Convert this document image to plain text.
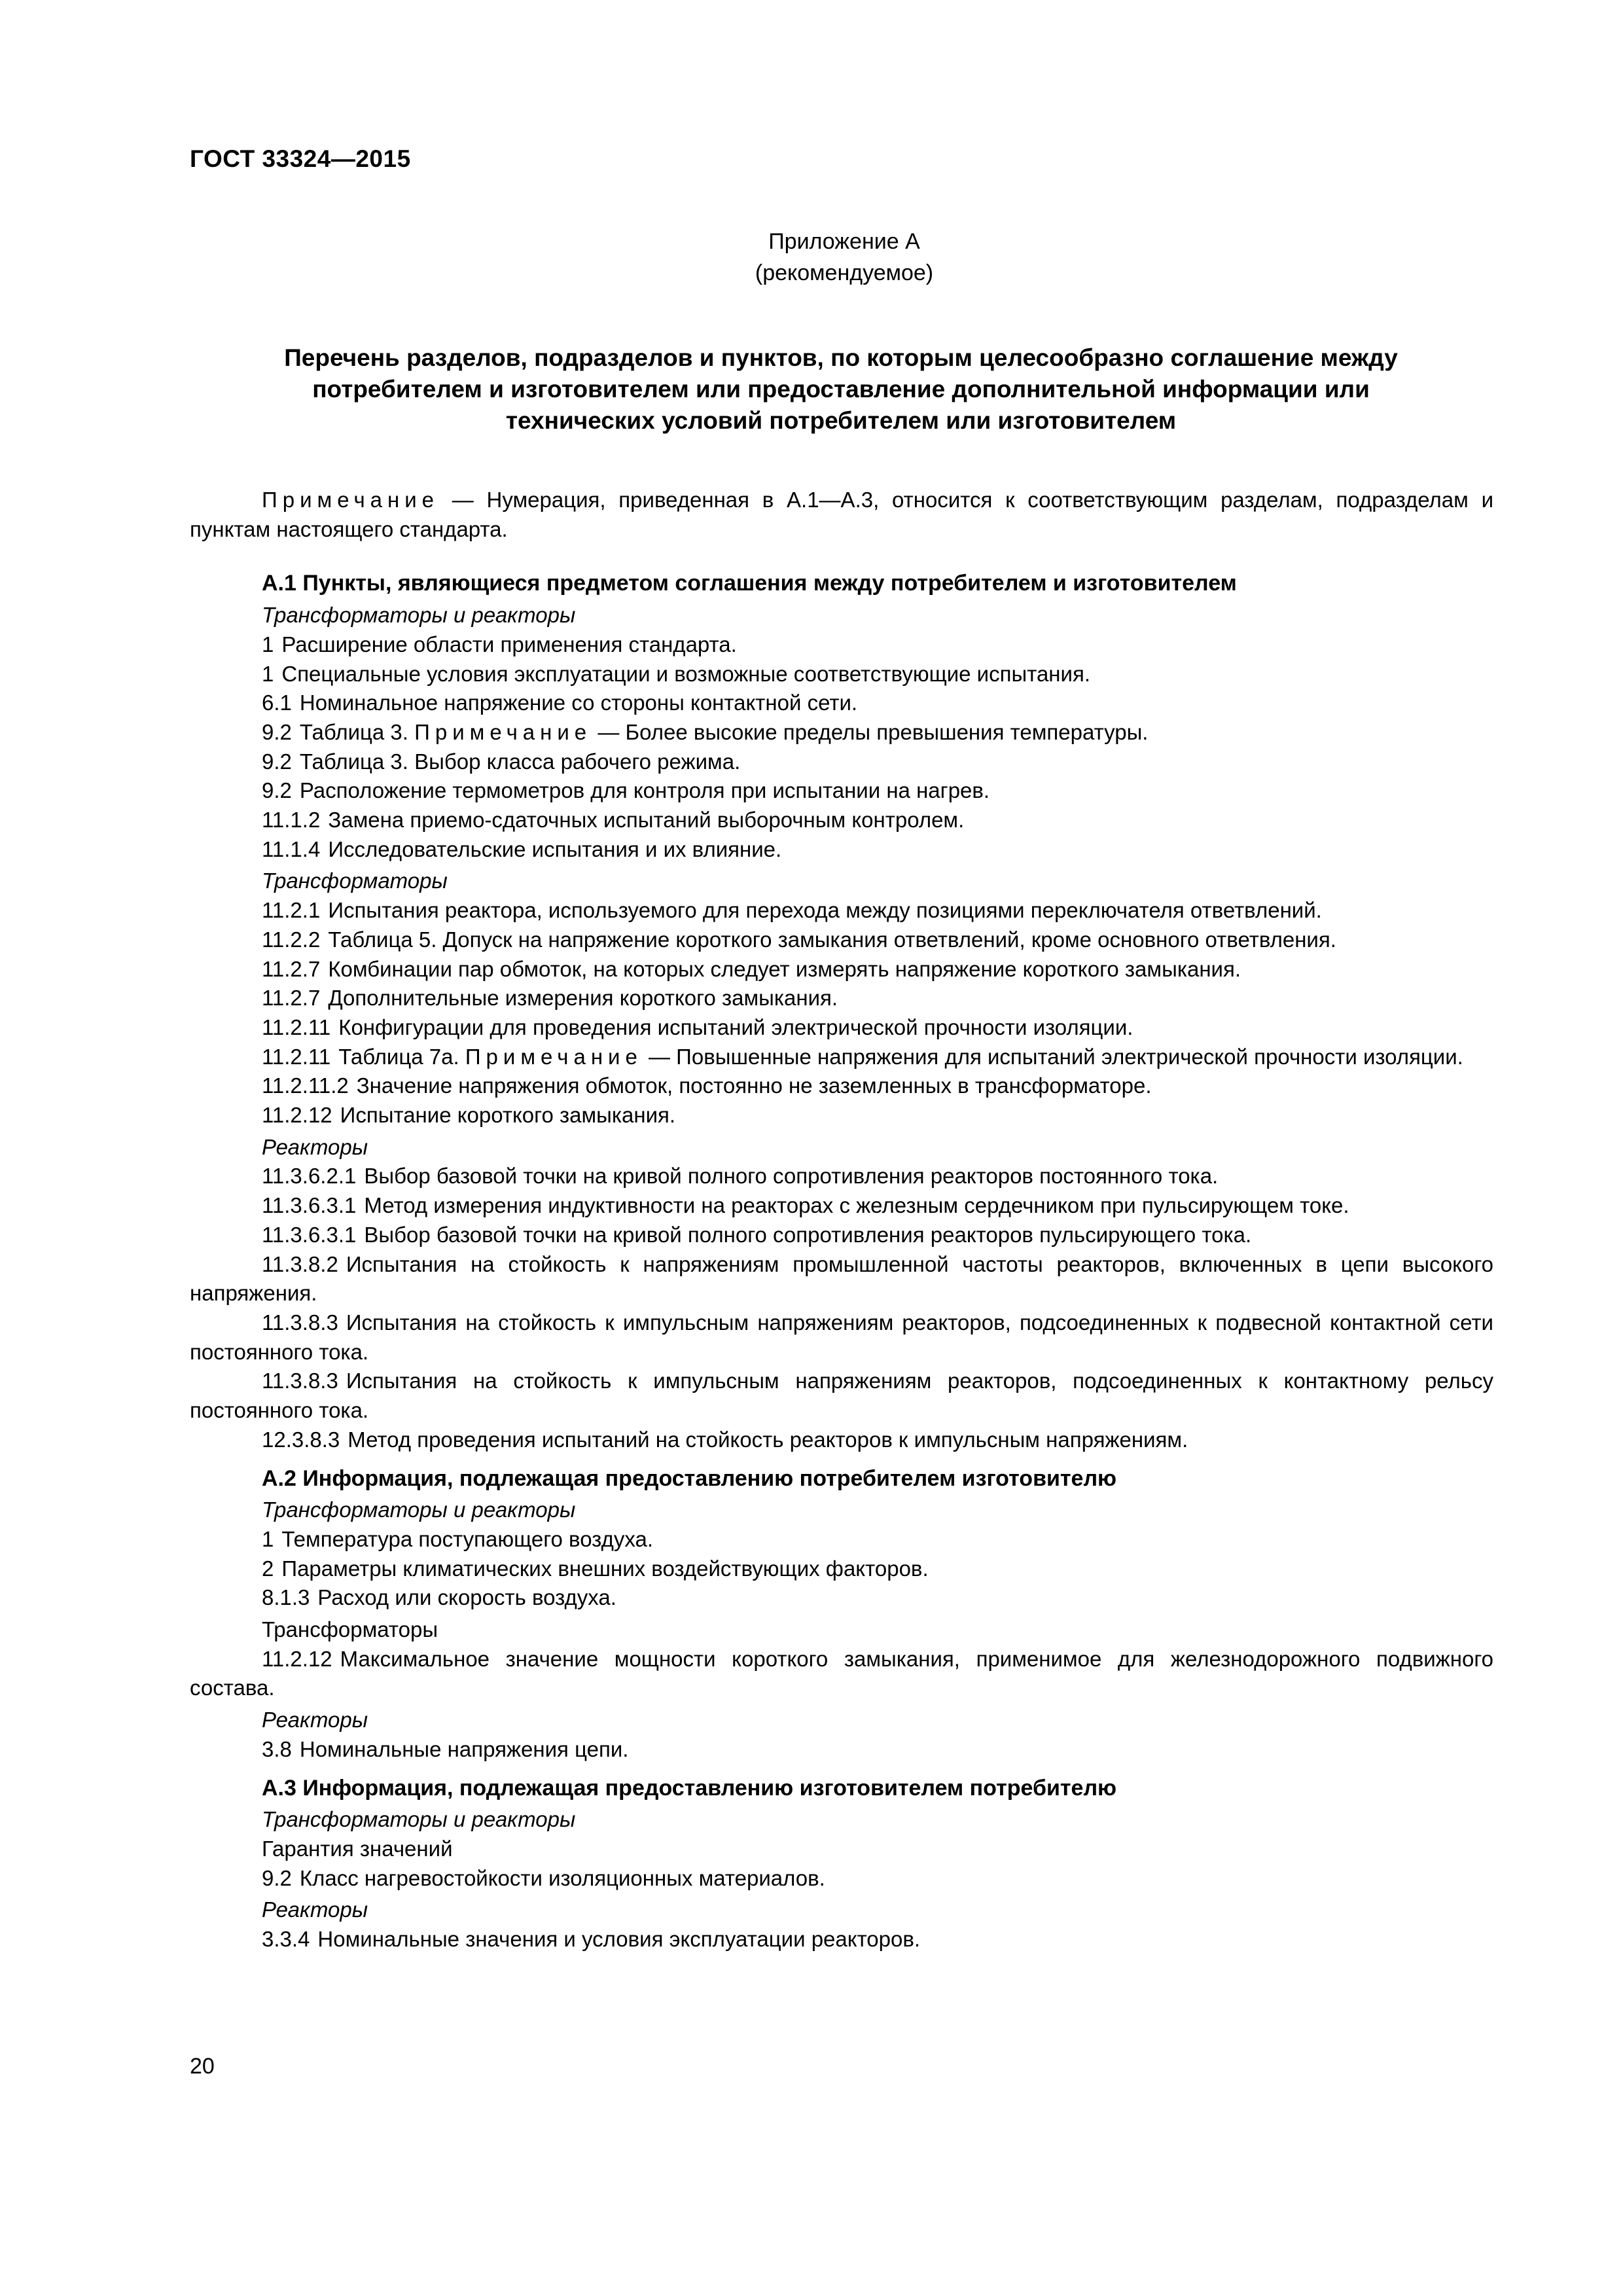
ГОСТ 33324—2015
Приложение А
(рекомендуемое)
Перечень разделов, подразделов и пунктов, по которым целесообразно соглашение между
потребителем и изготовителем или предоставление дополнительной информации или
технических условий потребителем или изготовителем
Примечание — Нумерация, приведенная в А.1—А.3, относится к соответствующим разделам, подразделам и пунктам настоящего стандарта.
А.1 Пункты, являющиеся предметом соглашения между потребителем и изготовителем
Трансформаторы и реакторы
1 Расширение области применения стандарта.
1 Специальные условия эксплуатации и возможные соответствующие испытания.
6.1 Номинальное напряжение со стороны контактной сети.
9.2 Таблица 3. Примечание — Более высокие пределы превышения температуры.
9.2 Таблица 3. Выбор класса рабочего режима.
9.2 Расположение термометров для контроля при испытании на нагрев.
11.1.2 Замена приемо-сдаточных испытаний выборочным контролем.
11.1.4 Исследовательские испытания и их влияние.
Трансформаторы
11.2.1 Испытания реактора, используемого для перехода между позициями переключателя ответвлений.
11.2.2 Таблица 5. Допуск на напряжение короткого замыкания ответвлений, кроме основного ответвления.
11.2.7 Комбинации пар обмоток, на которых следует измерять напряжение короткого замыкания.
11.2.7 Дополнительные измерения короткого замыкания.
11.2.11 Конфигурации для проведения испытаний электрической прочности изоляции.
11.2.11 Таблица 7а. Примечание — Повышенные напряжения для испытаний электрической прочности изоляции.
11.2.11.2 Значение напряжения обмоток, постоянно не заземленных в трансформаторе.
11.2.12 Испытание короткого замыкания.
Реакторы
11.3.6.2.1 Выбор базовой точки на кривой полного сопротивления реакторов постоянного тока.
11.3.6.3.1 Метод измерения индуктивности на реакторах с железным сердечником при пульсирующем токе.
11.3.6.3.1 Выбор базовой точки на кривой полного сопротивления реакторов пульсирующего тока.
11.3.8.2 Испытания на стойкость к напряжениям промышленной частоты реакторов, включенных в цепи высокого напряжения.
11.3.8.3 Испытания на стойкость к импульсным напряжениям реакторов, подсоединенных к подвесной контактной сети постоянного тока.
11.3.8.3 Испытания на стойкость к импульсным напряжениям реакторов, подсоединенных к контактному рельсу постоянного тока.
12.3.8.3 Метод проведения испытаний на стойкость реакторов к импульсным напряжениям.
А.2 Информация, подлежащая предоставлению потребителем изготовителю
Трансформаторы и реакторы
1 Температура поступающего воздуха.
2 Параметры климатических внешних воздействующих факторов.
8.1.3 Расход или скорость воздуха.
Трансформаторы
11.2.12 Максимальное значение мощности короткого замыкания, применимое для железнодорожного подвижного состава.
Реакторы
3.8 Номинальные напряжения цепи.
А.3 Информация, подлежащая предоставлению изготовителем потребителю
Трансформаторы и реакторы
Гарантия значений
9.2 Класс нагревостойкости изоляционных материалов.
Реакторы
3.3.4 Номинальные значения и условия эксплуатации реакторов.
20
